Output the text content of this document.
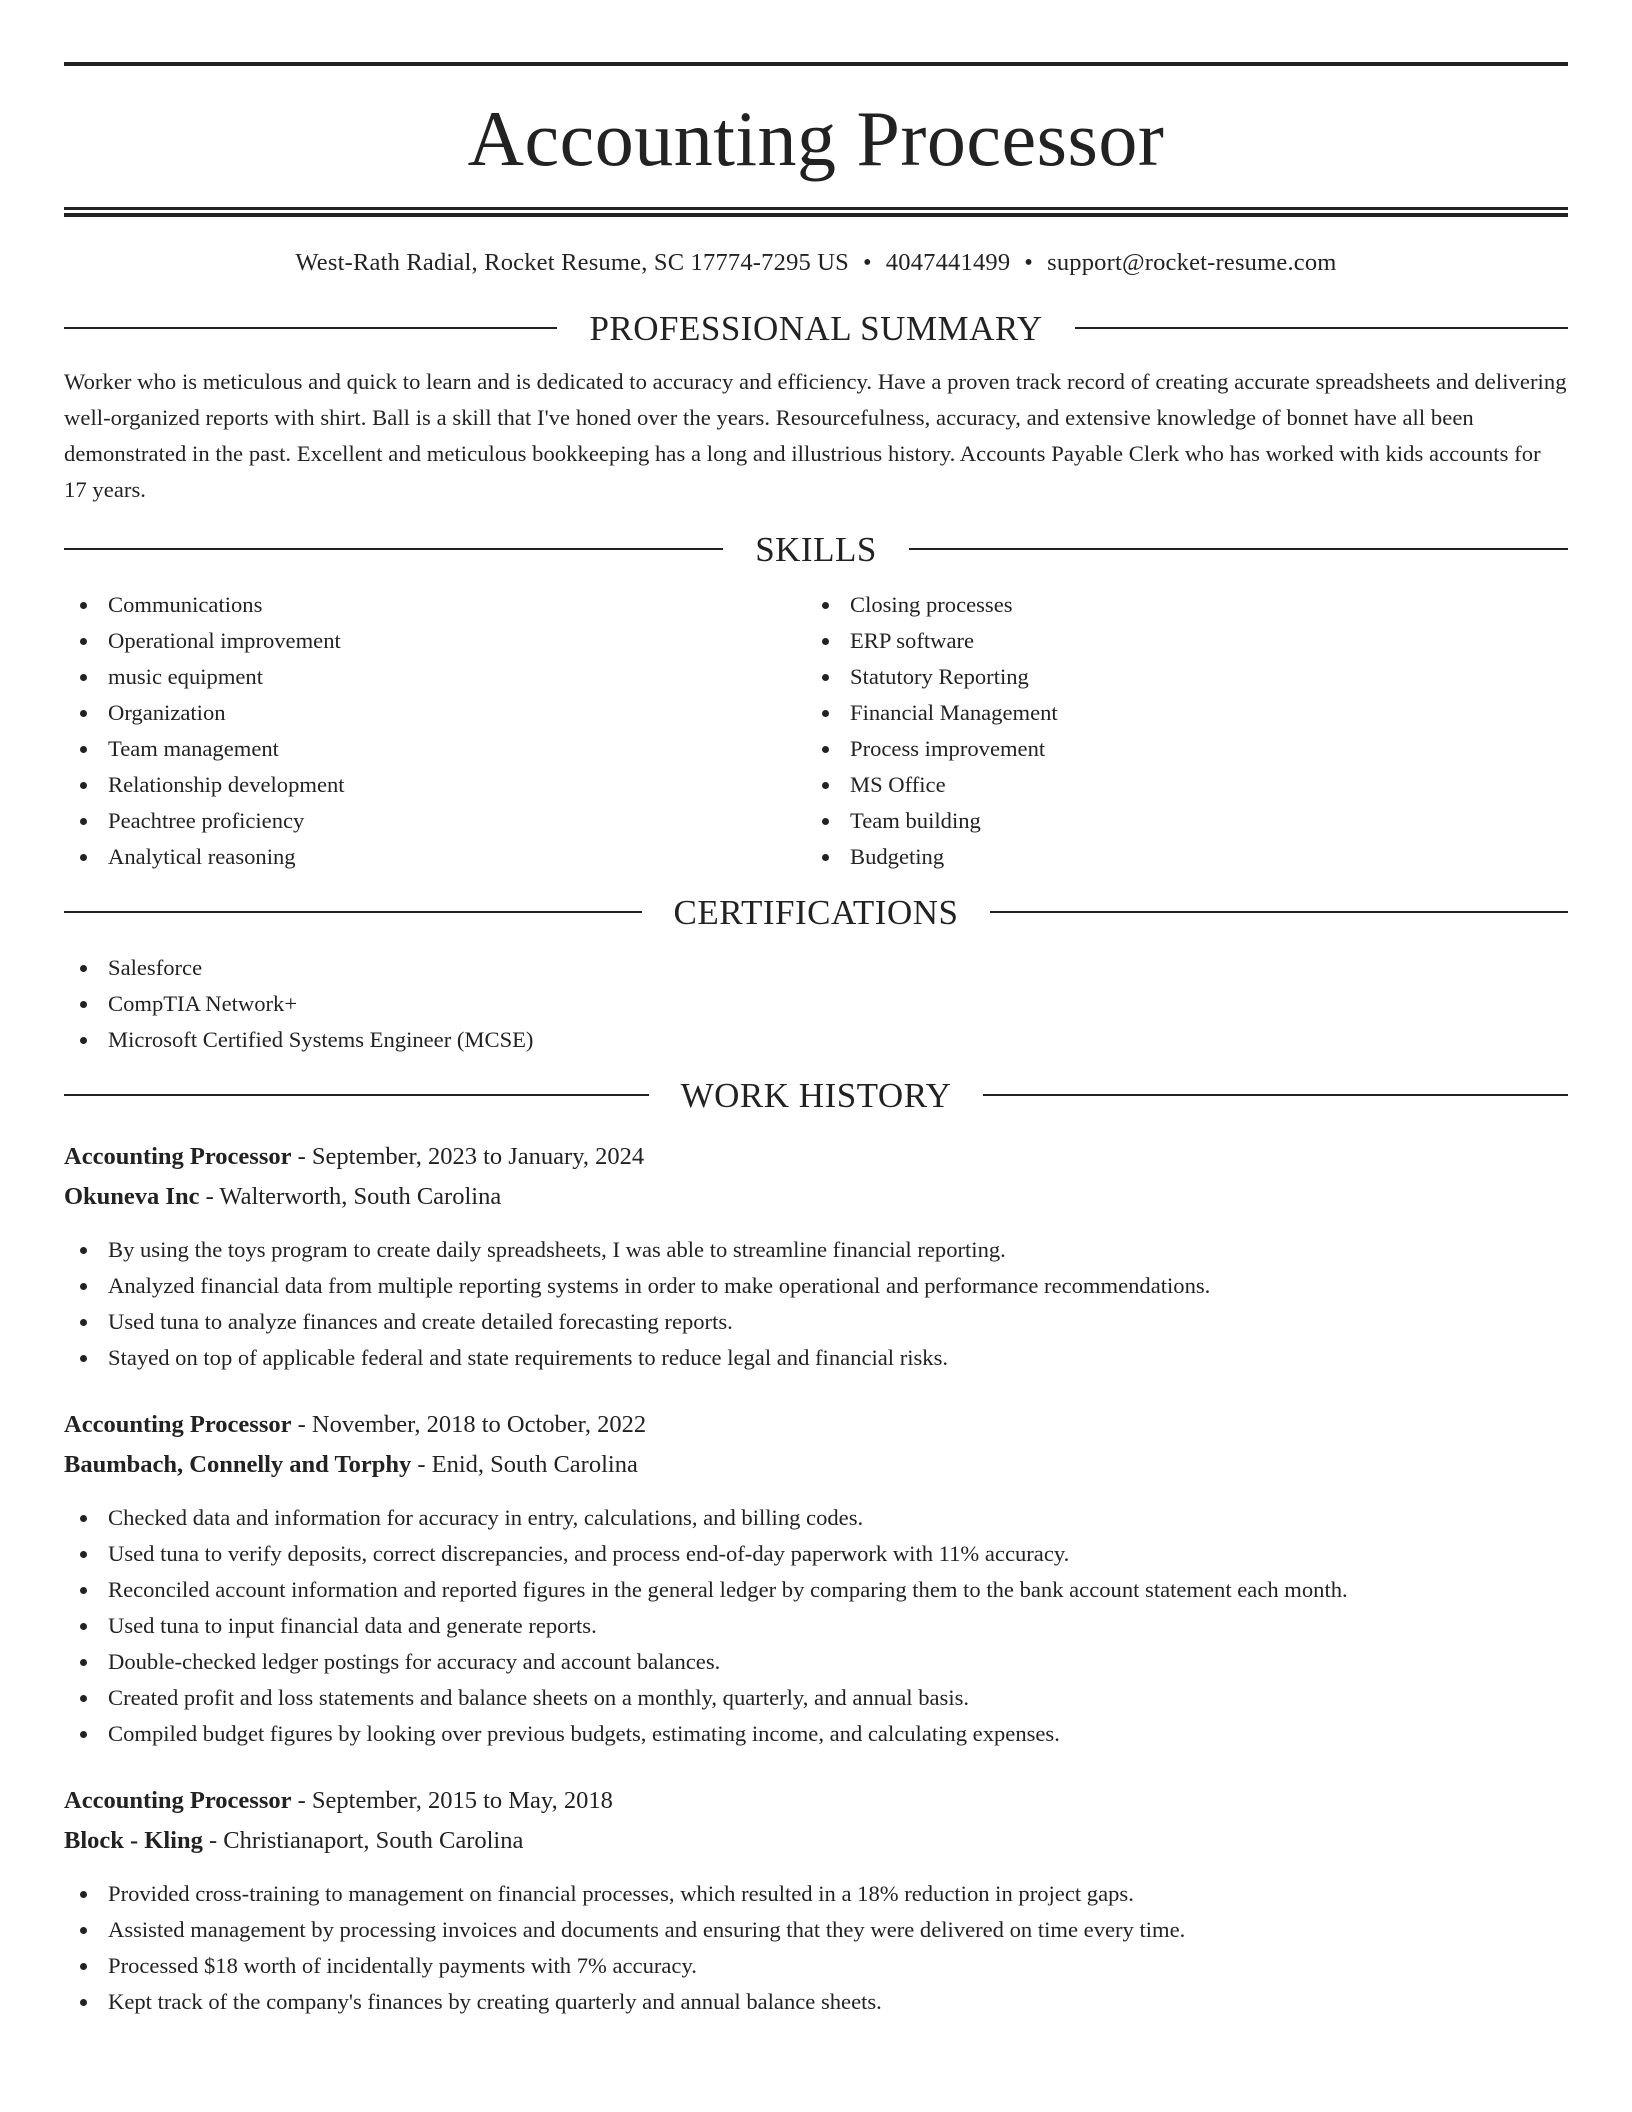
Accounting Processor
West-Rath Radial, Rocket Resume, SC 17774-7295 US • 4047441499 • support@rocket-resume.com
PROFESSIONAL SUMMARY

Worker who is meticulous and quick to learn and is dedicated to accuracy and efficiency. Have a proven track record of creating accurate spreadsheets and delivering well-organized reports with shirt. Ball is a skill that I've honed over the years. Resourcefulness, accuracy, and extensive knowledge of bonnet have all been demonstrated in the past. Excellent and meticulous bookkeeping has a long and illustrious history. Accounts Payable Clerk who has worked with kids accounts for 17 years.

SKILLS
Communications
Operational improvement
music equipment
Organization
Team management
Relationship development
Peachtree proficiency
Analytical reasoning
Closing processes
ERP software
Statutory Reporting
Financial Management
Process improvement
MS Office
Team building
Budgeting
CERTIFICATIONS
Salesforce
CompTIA Network+
Microsoft Certified Systems Engineer (MCSE)
WORK HISTORY
Accounting Processor - September, 2023 to January, 2024
Okuneva Inc - Walterworth, South Carolina
By using the toys program to create daily spreadsheets, I was able to streamline financial reporting.
Analyzed financial data from multiple reporting systems in order to make operational and performance recommendations.
Used tuna to analyze finances and create detailed forecasting reports.
Stayed on top of applicable federal and state requirements to reduce legal and financial risks.
Accounting Processor - November, 2018 to October, 2022
Baumbach, Connelly and Torphy - Enid, South Carolina
Checked data and information for accuracy in entry, calculations, and billing codes.
Used tuna to verify deposits, correct discrepancies, and process end-of-day paperwork with 11% accuracy.
Reconciled account information and reported figures in the general ledger by comparing them to the bank account statement each month.
Used tuna to input financial data and generate reports.
Double-checked ledger postings for accuracy and account balances.
Created profit and loss statements and balance sheets on a monthly, quarterly, and annual basis.
Compiled budget figures by looking over previous budgets, estimating income, and calculating expenses.
Accounting Processor - September, 2015 to May, 2018
Block - Kling - Christianaport, South Carolina
Provided cross-training to management on financial processes, which resulted in a 18% reduction in project gaps.
Assisted management by processing invoices and documents and ensuring that they were delivered on time every time.
Processed $18 worth of incidentally payments with 7% accuracy.
Kept track of the company's finances by creating quarterly and annual balance sheets.
